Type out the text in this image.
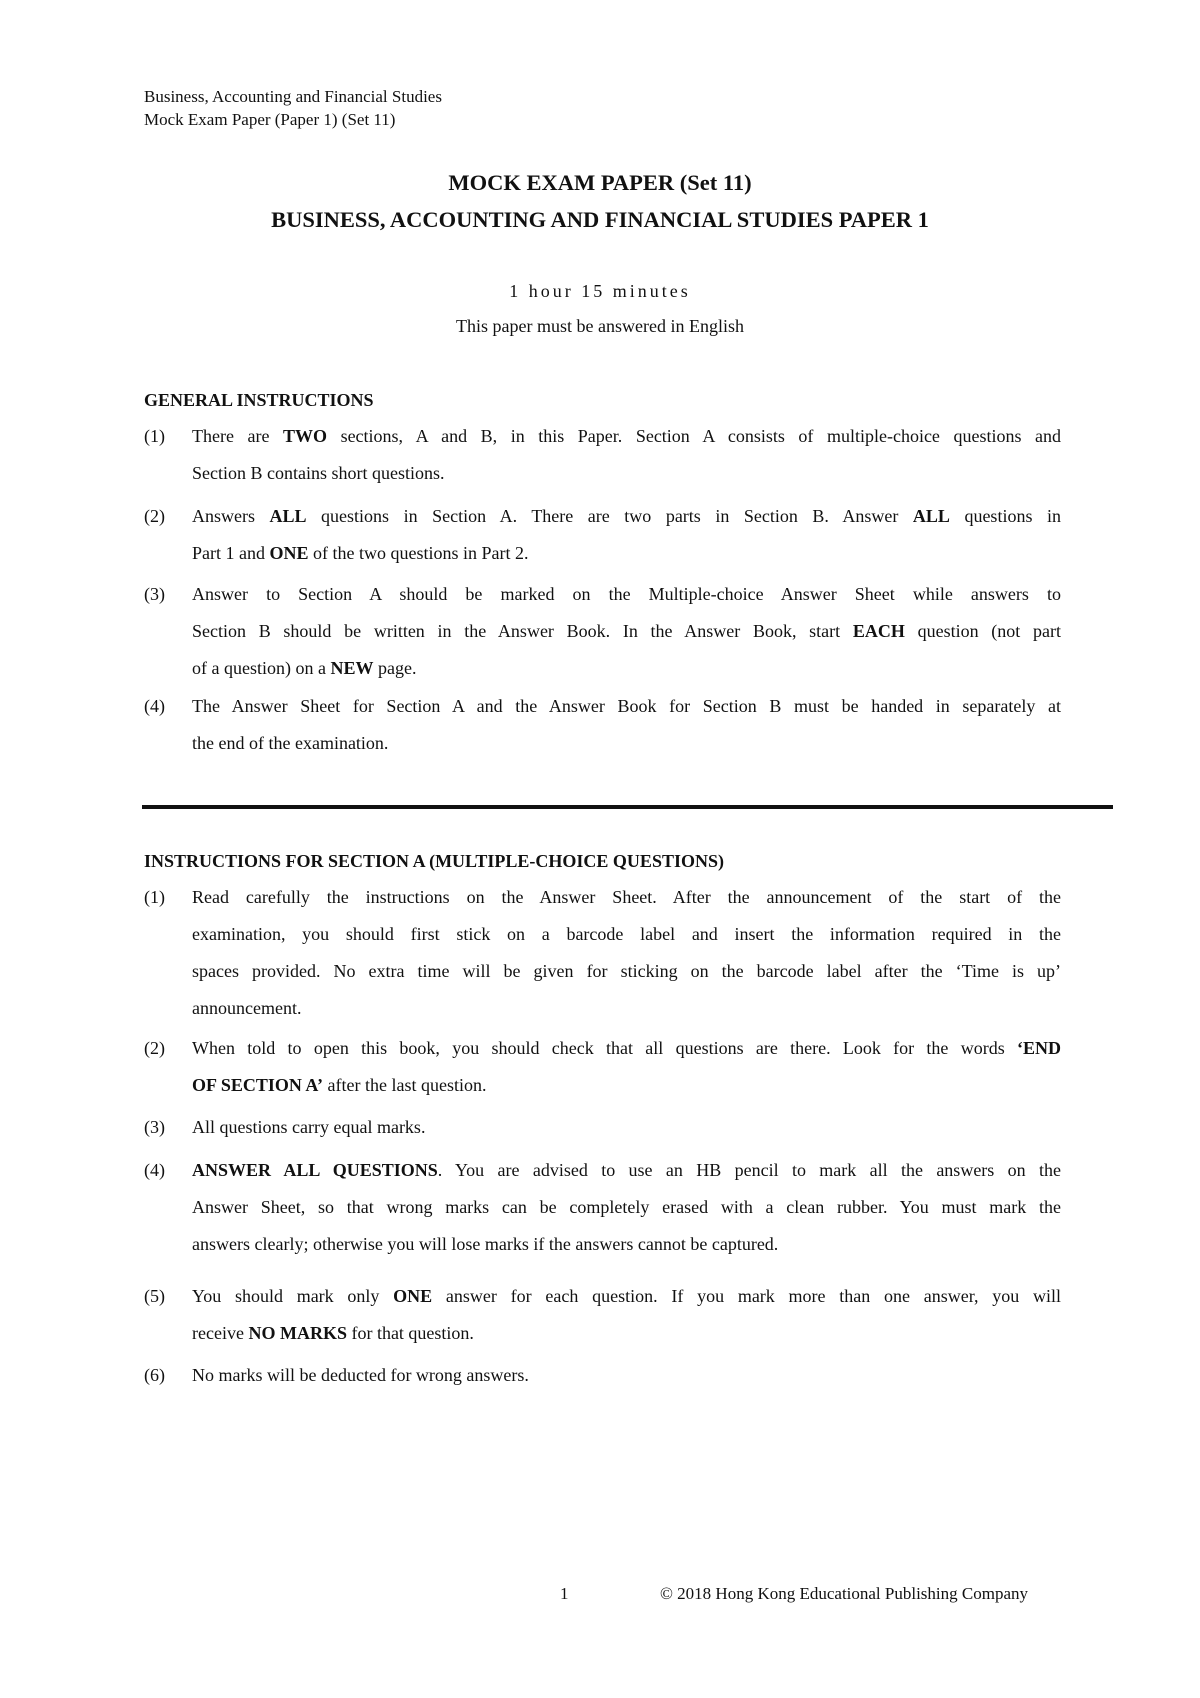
Business, Accounting and Financial Studies
Mock Exam Paper (Paper 1) (Set 11)
MOCK EXAM PAPER (Set 11)
BUSINESS, ACCOUNTING AND FINANCIAL STUDIES PAPER 1
1 hour 15 minutes
This paper must be answered in English
GENERAL INSTRUCTIONS
(1) There are TWO sections, A and B, in this Paper. Section A consists of multiple-choice questions and
Section B contains short questions.
(2) Answers ALL questions in Section A. There are two parts in Section B. Answer ALL questions in
Part 1 and ONE of the two questions in Part 2.
(3) Answer to Section A should be marked on the Multiple-choice Answer Sheet while answers to
Section B should be written in the Answer Book. In the Answer Book, start EACH question (not part
of a question) on a NEW page.
(4) The Answer Sheet for Section A and the Answer Book for Section B must be handed in separately at
the end of the examination.
INSTRUCTIONS FOR SECTION A (MULTIPLE-CHOICE QUESTIONS)
(1) Read carefully the instructions on the Answer Sheet. After the announcement of the start of the
examination, you should first stick on a barcode label and insert the information required in the
spaces provided. No extra time will be given for sticking on the barcode label after the ‘Time is up’
announcement.
(2) When told to open this book, you should check that all questions are there. Look for the words ‘END
OF SECTION A’ after the last question.
(3) All questions carry equal marks.
(4) ANSWER ALL QUESTIONS. You are advised to use an HB pencil to mark all the answers on the
Answer Sheet, so that wrong marks can be completely erased with a clean rubber. You must mark the
answers clearly; otherwise you will lose marks if the answers cannot be captured.
(5) You should mark only ONE answer for each question. If you mark more than one answer, you will
receive NO MARKS for that question.
(6) No marks will be deducted for wrong answers.
1	© 2018 Hong Kong Educational Publishing Company
